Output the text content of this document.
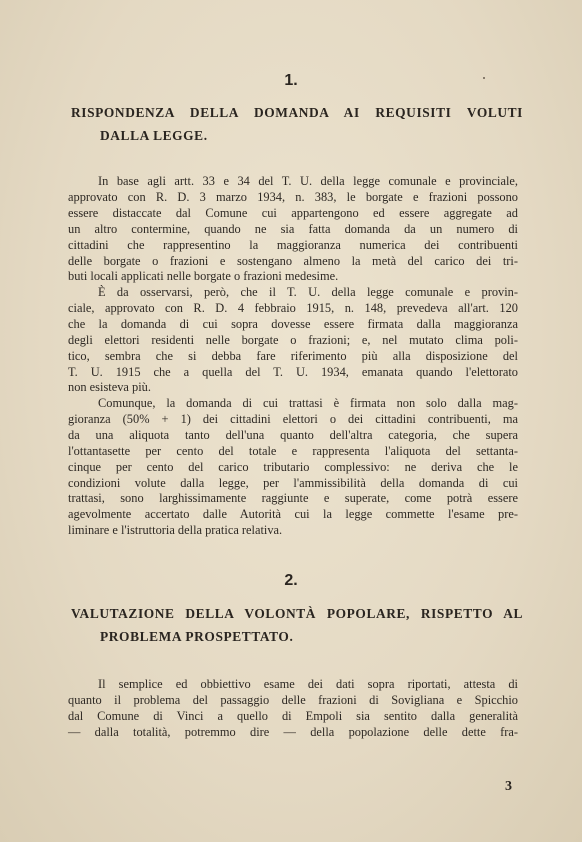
1.
RISPONDENZA DELLA DOMANDA AI REQUISITI VOLUTI
DALLA LEGGE.
In base agli artt. 33 e 34 del T. U. della legge comunale e provinciale,
approvato con R. D. 3 marzo 1934, n. 383, le borgate e frazioni possono
essere distaccate dal Comune cui appartengono ed essere aggregate ad
un altro contermine, quando ne sia fatta domanda da un numero di
cittadini che rappresentino la maggioranza numerica dei contribuenti
delle borgate o frazioni e sostengano almeno la metà del carico dei tri-
buti locali applicati nelle borgate o frazioni medesime.
È da osservarsi, però, che il T. U. della legge comunale e provin-
ciale, approvato con R. D. 4 febbraio 1915, n. 148, prevedeva all'art. 120
che la domanda di cui sopra dovesse essere firmata dalla maggioranza
degli elettori residenti nelle borgate o frazioni; e, nel mutato clima poli-
tico, sembra che si debba fare riferimento più alla disposizione del
T. U. 1915 che a quella del T. U. 1934, emanata quando l'elettorato
non esisteva più.
Comunque, la domanda di cui trattasi è firmata non solo dalla mag-
gioranza (50% + 1) dei cittadini elettori o dei cittadini contribuenti, ma
da una aliquota tanto dell'una quanto dell'altra categoria, che supera
l'ottantasette per cento del totale e rappresenta l'aliquota del settanta-
cinque per cento del carico tributario complessivo: ne deriva che le
condizioni volute dalla legge, per l'ammissibilità della domanda di cui
trattasi, sono larghissimamente raggiunte e superate, come potrà essere
agevolmente accertato dalle Autorità cui la legge commette l'esame pre-
liminare e l'istruttoria della pratica relativa.
2.
VALUTAZIONE DELLA VOLONTÀ POPOLARE, RISPETTO AL
PROBLEMA PROSPETTATO.
Il semplice ed obbiettivo esame dei dati sopra riportati, attesta di
quanto il problema del passaggio delle frazioni di Sovigliana e Spicchio
dal Comune di Vinci a quello di Empoli sia sentito dalla generalità
— dalla totalità, potremmo dire — della popolazione delle dette fra-
3
